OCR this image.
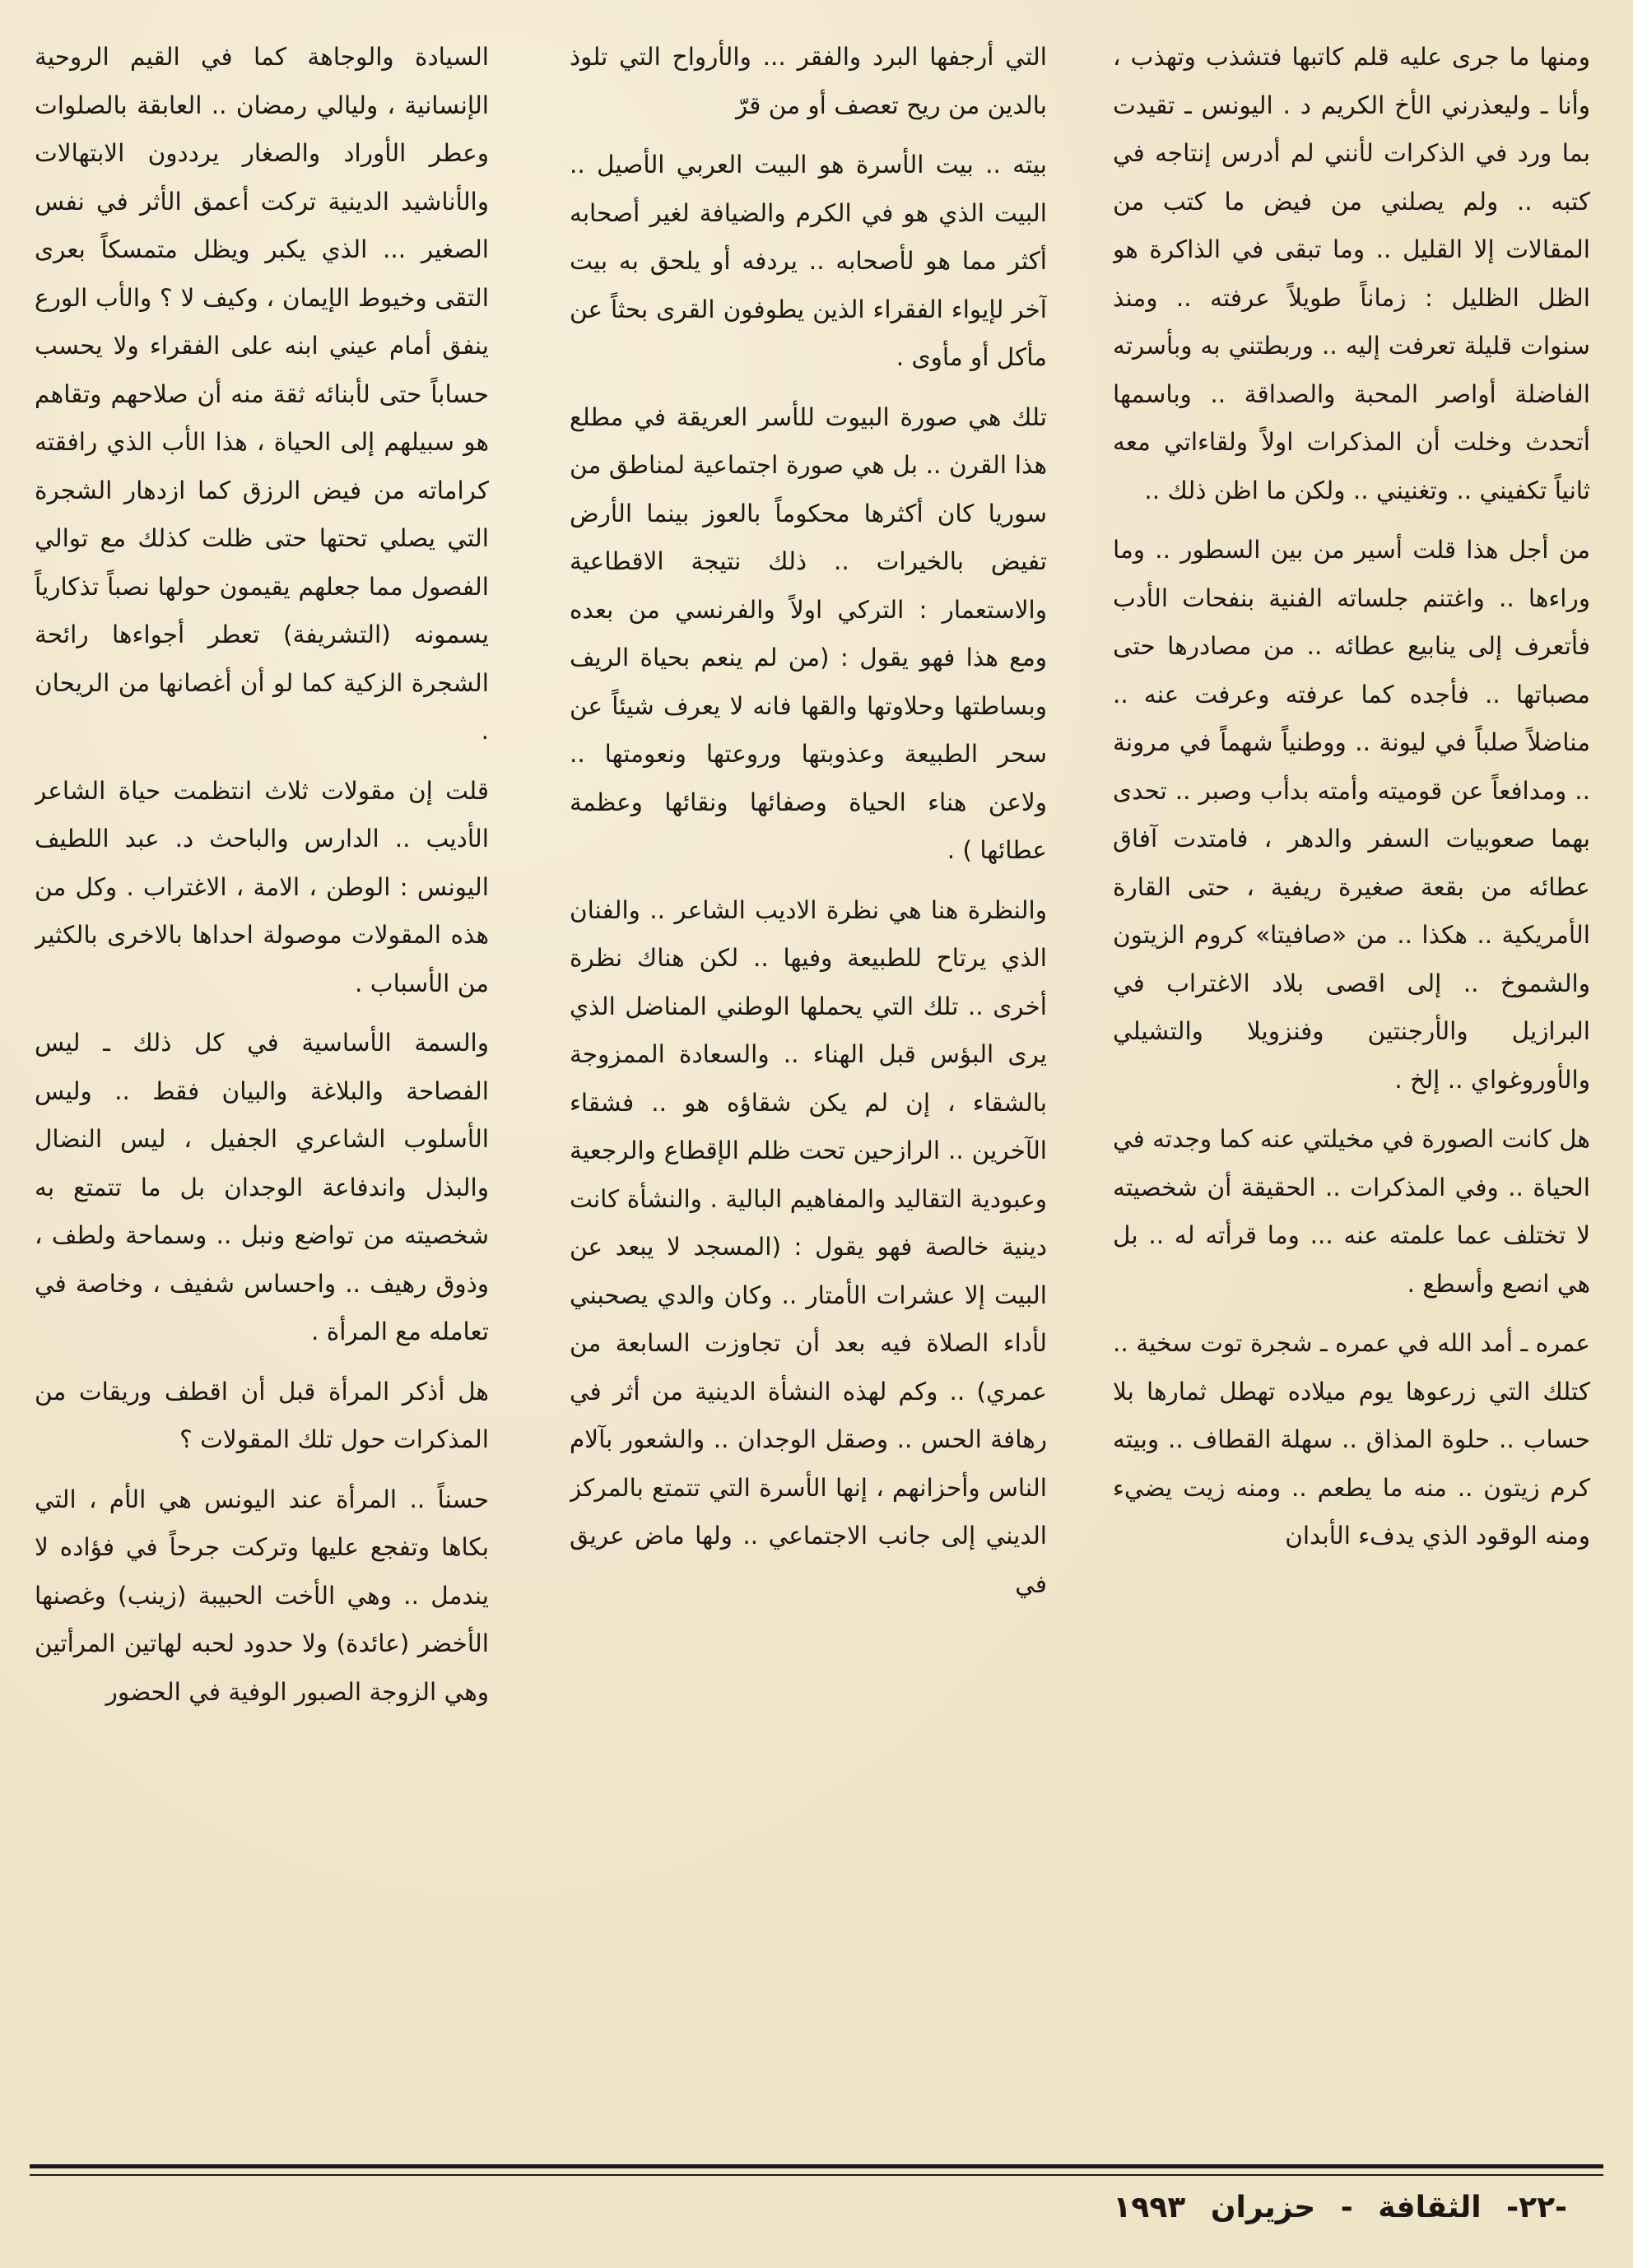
ومنها ما جرى عليه قلم كاتبها فتشذب وتهذب ، وأنا ـ وليعذرني الأخ الكريم د . اليونس ـ تقيدت بما ورد في الذكرات لأنني لم أدرس إنتاجه في كتبه .. ولم يصلني من فيض ما كتب من المقالات إلا القليل .. وما تبقى في الذاكرة هو الظل الظليل : زماناً طويلاً عرفته .. ومنذ سنوات قليلة تعرفت إليه .. وربطتني به وبأسرته الفاضلة أواصر المحبة والصداقة .. وباسمها أتحدث وخلت أن المذكرات اولاً ولقاءاتي معه ثانياً تكفيني .. وتغنيني .. ولكن ما اظن ذلك ..

من أجل هذا قلت أسير من بين السطور .. وما وراءها .. واغتنم جلساته الفنية بنفحات الأدب فأتعرف إلى ينابيع عطائه .. من مصادرها حتى مصباتها .. فأجده كما عرفته وعرفت عنه .. مناضلاً صلباً في ليونة .. ووطنياً شهماً في مرونة .. ومدافعاً عن قوميته وأمته بدأب وصبر .. تحدى بهما صعوبيات السفر والدهر ، فامتدت آفاق عطائه من بقعة صغيرة ريفية ، حتى القارة الأمريكية .. هكذا .. من «صافيتا» كروم الزيتون والشموخ .. إلى اقصى بلاد الاغتراب في البرازيل والأرجنتين وفنزويلا والتشيلي والأوروغواي .. إلخ .

هل كانت الصورة في مخيلتي عنه كما وجدته في الحياة .. وفي المذكرات .. الحقيقة أن شخصيته لا تختلف عما علمته عنه ... وما قرأته له .. بل هي انصع وأسطع .

عمره ـ أمد الله في عمره ـ شجرة توت سخية .. كتلك التي زرعوها يوم ميلاده تهطل ثمارها بلا حساب .. حلوة المذاق .. سهلة القطاف .. وبيته كرم زيتون .. منه ما يطعم .. ومنه زيت يضيء ومنه الوقود الذي يدفء الأبدان

التي أرجفها البرد والفقر ... والأرواح التي تلوذ بالدين من ريح تعصف أو من قرّ

بيته .. بيت الأسرة هو البيت العربي الأصيل .. البيت الذي هو في الكرم والضيافة لغير أصحابه أكثر مما هو لأصحابه .. يردفه أو يلحق به بيت آخر لإيواء الفقراء الذين يطوفون القرى بحثاً عن مأكل أو مأوى .

تلك هي صورة البيوت للأسر العريقة في مطلع هذا القرن .. بل هي صورة اجتماعية لمناطق من سوريا كان أكثرها محكوماً بالعوز بينما الأرض تفيض بالخيرات .. ذلك نتيجة الاقطاعية والاستعمار : التركي اولاً والفرنسي من بعده ومع هذا فهو يقول : (من لم ينعم بحياة الريف وبساطتها وحلاوتها والقها فانه لا يعرف شيئاً عن سحر الطبيعة وعذوبتها وروعتها ونعومتها .. ولاعن هناء الحياة وصفائها ونقائها وعظمة عطائها ) .

والنظرة هنا هي نظرة الاديب الشاعر .. والفنان الذي يرتاح للطبيعة وفيها .. لكن هناك نظرة أخرى .. تلك التي يحملها الوطني المناضل الذي يرى البؤس قبل الهناء .. والسعادة الممزوجة بالشقاء ، إن لم يكن شقاؤه هو .. فشقاء الآخرين .. الرازحين تحت ظلم الإقطاع والرجعية وعبودية التقاليد والمفاهيم البالية . والنشأة كانت دينية خالصة فهو يقول : (المسجد لا يبعد عن البيت إلا عشرات الأمتار .. وكان والدي يصحبني لأداء الصلاة فيه بعد أن تجاوزت السابعة من عمري) .. وكم لهذه النشأة الدينية من أثر في رهافة الحس .. وصقل الوجدان .. والشعور بآلام الناس وأحزانهم ، إنها الأسرة التي تتمتع بالمركز الديني إلى جانب الاجتماعي .. ولها ماض عريق في

السيادة والوجاهة كما في القيم الروحية الإنسانية ، وليالي رمضان .. العابقة بالصلوات وعطر الأوراد والصغار يرددون الابتهالات والأناشيد الدينية تركت أعمق الأثر في نفس الصغير ... الذي يكبر ويظل متمسكاً بعرى التقى وخيوط الإيمان ، وكيف لا ؟ والأب الورع ينفق أمام عيني ابنه على الفقراء ولا يحسب حساباً حتى لأبنائه ثقة منه أن صلاحهم وتقاهم هو سبيلهم إلى الحياة ، هذا الأب الذي رافقته كراماته من فيض الرزق كما ازدهار الشجرة التي يصلي تحتها حتى ظلت كذلك مع توالي الفصول مما جعلهم يقيمون حولها نصباً تذكارياً يسمونه (التشريفة) تعطر أجواءها رائحة الشجرة الزكية كما لو أن أغصانها من الريحان .

قلت إن مقولات ثلاث انتظمت حياة الشاعر الأديب .. الدارس والباحث د. عبد اللطيف اليونس : الوطن ، الامة ، الاغتراب . وكل من هذه المقولات موصولة احداها بالاخرى بالكثير من الأسباب .

والسمة الأساسية في كل ذلك ـ ليس الفصاحة والبلاغة والبيان فقط .. وليس الأسلوب الشاعري الجفيل ، ليس النضال والبذل واندفاعة الوجدان بل ما تتمتع به شخصيته من تواضع ونبل .. وسماحة ولطف ، وذوق رهيف .. واحساس شفيف ، وخاصة في تعامله مع المرأة .

هل أذكر المرأة قبل أن اقطف وريقات من المذكرات حول تلك المقولات ؟

حسناً .. المرأة عند اليونس هي الأم ، التي بكاها وتفجع عليها وتركت جرحاً في فؤاده لا يندمل .. وهي الأخت الحبيبة (زينب) وغصنها الأخضر (عائدة) ولا حدود لحبه لهاتين المرأتين وهي الزوجة الصبور الوفية في الحضور

-٢٢- الثقافة - حزيران ١٩٩٣
